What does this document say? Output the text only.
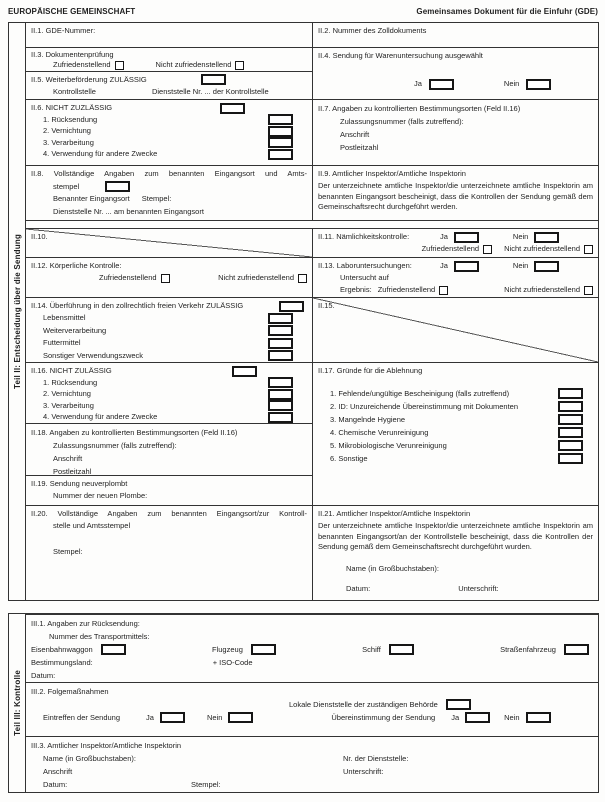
EUROPÄISCHE GEMEINSCHAFT	Gemeinsames Dokument für die Einfuhr (GDE)
Teil II: Entscheidung über die Sendung
II.1. GDE-Nummer:	II.2. Nummer des Zolldokuments
II.3. Dokumentenprüfung
Zufriedenstellend	Nicht zufriedenstellend
II.4. Sendung für Warenuntersuchung ausgewählt
Ja	Nein
II.5. Weiterbeförderung ZULÄSSIG
Kontrollstelle	Dienststelle Nr. ... der Kontrollstelle
II.6. NICHT ZUZLÄSSIG
1. Rücksendung
2. Vernichtung
3. Verarbeitung
4. Verwendung für andere Zwecke
II.7. Angaben zu kontrollierten Bestimmungsorten (Feld II.16)
Zulassungsnummer (falls zutreffend):
Anschrift
Postleitzahl
II.8. Vollständige Angaben zum benannten Eingangsort und Amts-
stempel
Benannter Eingangsort Stempel:
Dienststelle Nr. ... am benannten Eingangsort
II.9. Amtlicher Inspektor/Amtliche Inspektorin
Der unterzeichnete amtliche Inspektor/die unterzeichnete amtliche Inspektorin am benannten Eingangsort bescheinigt, dass die Kontrollen der Sendung gemäß dem Gemeinschaftsrecht durchgeführt werden.
II.10.	II.11. Nämlichkeitskontrolle:	Ja	Nein
Zufriedenstellend	Nicht zufriedenstellend
II.12. Körperliche Kontrolle:
Zufriedenstellend	Nicht zufriedenstellend
II.13. Laboruntersuchungen:	Ja	Nein
Untersucht auf
Ergebnis: Zufriedenstellend	Nicht zufriedenstellend
II.14. Überführung in den zollrechtlich freien Verkehr ZULÄSSIG
Lebensmittel
Weiterverarbeitung
Futtermittel
Sonstiger Verwendungszweck
II.15.
II.16. NICHT ZULÄSSIG
1. Rücksendung
2. Vernichtung
3. Verarbeitung
4. Verwendung für andere Zwecke
II.17. Gründe für die Ablehnung
1. Fehlende/ungültige Bescheinigung (falls zutreffend)
2. ID: Unzureichende Übereinstimmung mit Dokumenten
3. Mangelnde Hygiene
4. Chemische Verunreinigung
5. Mikrobiologische Verunreinigung
6. Sonstige
II.18. Angaben zu kontrollierten Bestimmungsorten (Feld II.16)
Zulassungsnummer (falls zutreffend):
Anschrift
Postleitzahl
II.19. Sendung neuverplombt
Nummer der neuen Plombe:
II.20. Vollständige Angaben zum benannten Eingangsort/zur Kontroll-
stelle und Amtsstempel
Stempel:
II.21. Amtlicher Inspektor/Amtliche Inspektorin
Der unterzeichnete amtliche Inspektor/die unterzeichnete amtliche Inspektorin am benannten Eingangsort/an der Kontrollstelle bescheinigt, dass die Kontrollen der Sendung gemäß dem Gemeinschaftsrecht durchgeführt wurden.
Name (in Großbuchstaben):
Datum:	Unterschrift:
Teil III: Kontrolle
III.1. Angaben zur Rücksendung:
Nummer des Transportmittels:
Eisenbahnwaggon	Flugzeug	Schiff	Straßenfahrzeug
Bestimmungsland:	+ ISO-Code
Datum:
III.2. Folgemaßnahmen
Lokale Dienststelle der zuständigen Behörde
Eintreffen der Sendung	Ja	Nein	Übereinstimmung der Sendung Ja	Nein
III.3. Amtlicher Inspektor/Amtliche Inspektorin
Name (in Großbuchstaben):	Nr. der Dienststelle:
Anschrift	Unterschrift:
Datum:	Stempel:
